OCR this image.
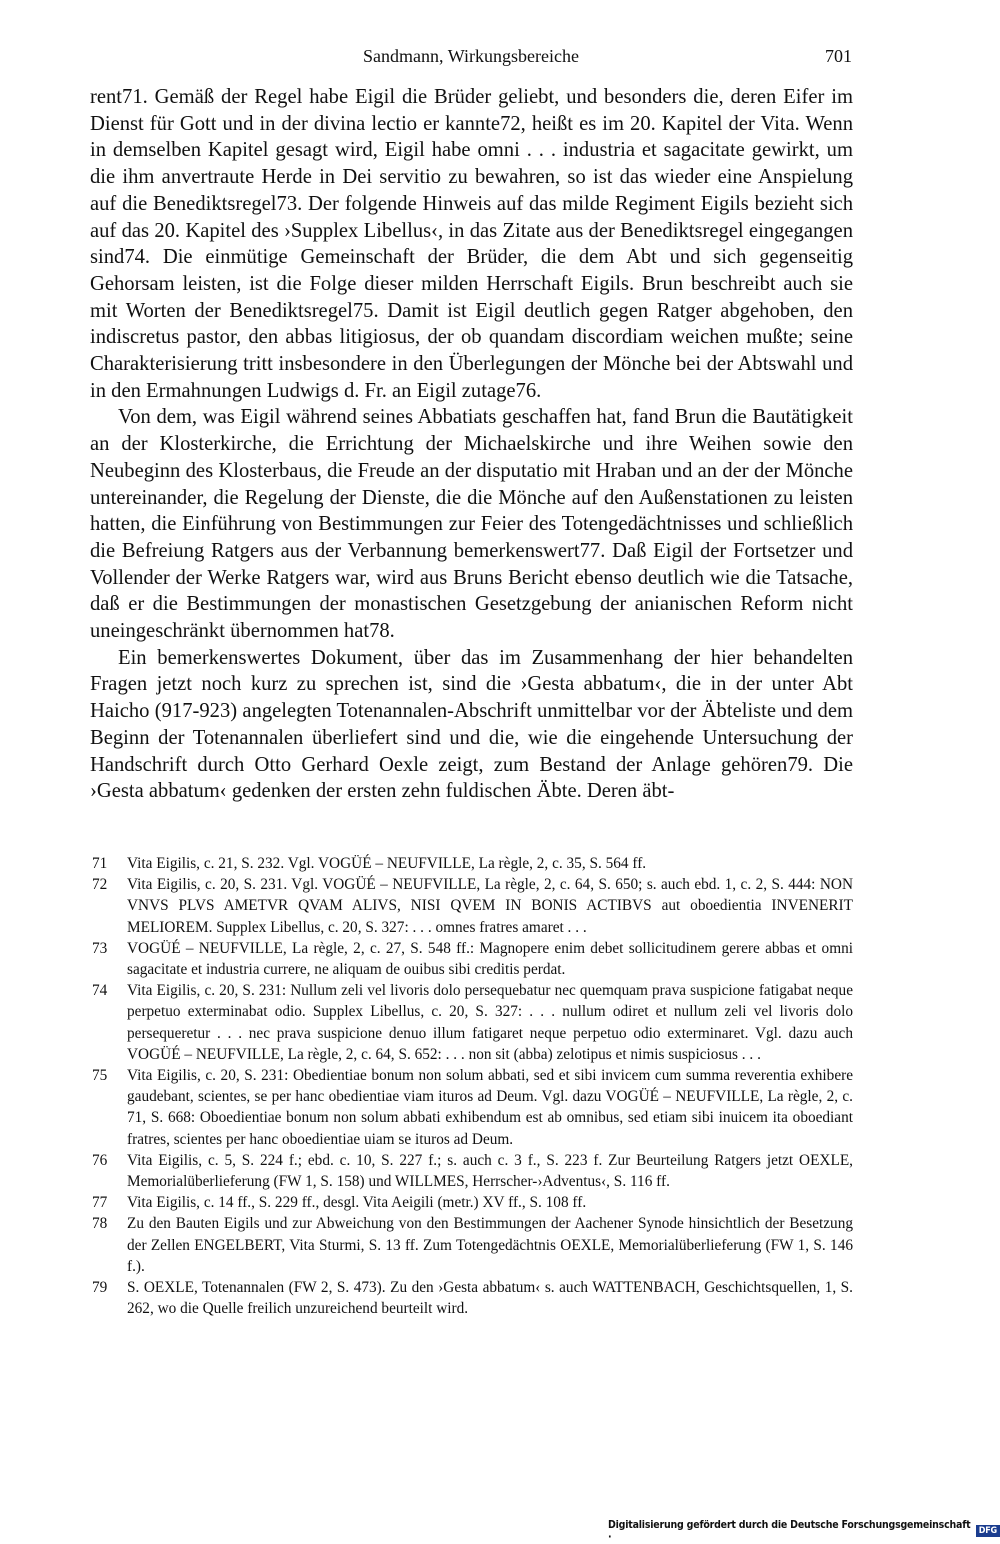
Sandmann, Wirkungsbereiche	701

rent71. Gemäß der Regel habe Eigil die Brüder geliebt, und besonders die, deren Eifer im Dienst für Gott und in der divina lectio er kannte72, heißt es im 20. Kapitel der Vita. Wenn in demselben Kapitel gesagt wird, Eigil habe omni . . . industria et sagacitate gewirkt, um die ihm anvertraute Herde in Dei servitio zu bewahren, so ist das wieder eine Anspielung auf die Benediktsregel73. Der folgende Hinweis auf das milde Regiment Eigils bezieht sich auf das 20. Kapitel des ›Supplex Libellus‹, in das Zitate aus der Benediktsregel eingegangen sind74. Die einmütige Gemeinschaft der Brüder, die dem Abt und sich gegenseitig Gehorsam leisten, ist die Folge dieser milden Herrschaft Eigils. Brun beschreibt auch sie mit Worten der Benediktsregel75. Damit ist Eigil deutlich gegen Ratger abgehoben, den indiscretus pastor, den abbas litigiosus, der ob quandam discordiam weichen mußte; seine Charakterisierung tritt insbesondere in den Überlegungen der Mönche bei der Abtswahl und in den Ermahnungen Ludwigs d. Fr. an Eigil zutage76.

Von dem, was Eigil während seines Abbatiats geschaffen hat, fand Brun die Bautätigkeit an der Klosterkirche, die Errichtung der Michaelskirche und ihre Weihen sowie den Neubeginn des Klosterbaus, die Freude an der disputatio mit Hraban und an der der Mönche untereinander, die Regelung der Dienste, die die Mönche auf den Außenstationen zu leisten hatten, die Einführung von Bestimmungen zur Feier des Totengedächtnisses und schließlich die Befreiung Ratgers aus der Verbannung bemerkenswert77. Daß Eigil der Fortsetzer und Vollender der Werke Ratgers war, wird aus Bruns Bericht ebenso deutlich wie die Tatsache, daß er die Bestimmungen der monastischen Gesetzgebung der anianischen Reform nicht uneingeschränkt übernommen hat78.

Ein bemerkenswertes Dokument, über das im Zusammenhang der hier behandelten Fragen jetzt noch kurz zu sprechen ist, sind die ›Gesta abbatum‹, die in der unter Abt Haicho (917-923) angelegten Totenannalen-Abschrift unmittelbar vor der Äbteliste und dem Beginn der Totenannalen überliefert sind und die, wie die eingehende Untersuchung der Handschrift durch Otto Gerhard Oexle zeigt, zum Bestand der Anlage gehören79. Die ›Gesta abbatum‹ gedenken der ersten zehn fuldischen Äbte. Deren äbt-

71	Vita Eigilis, c. 21, S. 232. Vgl. VOGÜÉ – NEUFVILLE, La règle, 2, c. 35, S. 564 ff.
72	Vita Eigilis, c. 20, S. 231. Vgl. VOGÜÉ – NEUFVILLE, La règle, 2, c. 64, S. 650; s. auch ebd. 1, c. 2, S. 444: NON VNVS PLVS AMETVR QVAM ALIVS, NISI QVEM IN BONIS ACTIBVS aut oboedientia INVENERIT MELIOREM. Supplex Libellus, c. 20, S. 327: . . . omnes fratres amaret . . .
73	VOGÜÉ – NEUFVILLE, La règle, 2, c. 27, S. 548 ff.: Magnopere enim debet sollicitudinem gerere abbas et omni sagacitate et industria currere, ne aliquam de ouibus sibi creditis perdat.
74	Vita Eigilis, c. 20, S. 231: Nullum zeli vel livoris dolo persequebatur nec quemquam prava suspicione fatigabat neque perpetuo exterminabat odio. Supplex Libellus, c. 20, S. 327: . . . nullum odiret et nullum zeli vel livoris dolo persequeretur . . . nec prava suspicione denuo illum fatigaret neque perpetuo odio exterminaret. Vgl. dazu auch VOGÜÉ – NEUFVILLE, La règle, 2, c. 64, S. 652: . . . non sit (abba) zelotipus et nimis suspiciosus . . .
75	Vita Eigilis, c. 20, S. 231: Obedientiae bonum non solum abbati, sed et sibi invicem cum summa reverentia exhibere gaudebant, scientes, se per hanc obedientiae viam ituros ad Deum. Vgl. dazu VOGÜÉ – NEUFVILLE, La règle, 2, c. 71, S. 668: Oboedientiae bonum non solum abbati exhibendum est ab omnibus, sed etiam sibi inuicem ita oboediant fratres, scientes per hanc oboedientiae uiam se ituros ad Deum.
76	Vita Eigilis, c. 5, S. 224 f.; ebd. c. 10, S. 227 f.; s. auch c. 3 f., S. 223 f. Zur Beurteilung Ratgers jetzt OEXLE, Memorialüberlieferung (FW 1, S. 158) und WILLMES, Herrscher-›Adventus‹, S. 116 ff.
77	Vita Eigilis, c. 14 ff., S. 229 ff., desgl. Vita Aeigili (metr.) XV ff., S. 108 ff.
78	Zu den Bauten Eigils und zur Abweichung von den Bestimmungen der Aachener Synode hinsichtlich der Besetzung der Zellen ENGELBERT, Vita Sturmi, S. 13 ff. Zum Totengedächtnis OEXLE, Memorialüberlieferung (FW 1, S. 146 f.).
79	S. OEXLE, Totenannalen (FW 2, S. 473). Zu den ›Gesta abbatum‹ s. auch WATTENBACH, Geschichtsquellen, 1, S. 262, wo die Quelle freilich unzureichend beurteilt wird.
Digitalisierung gefördert durch die Deutsche Forschungsgemeinschaft ·	DFG
